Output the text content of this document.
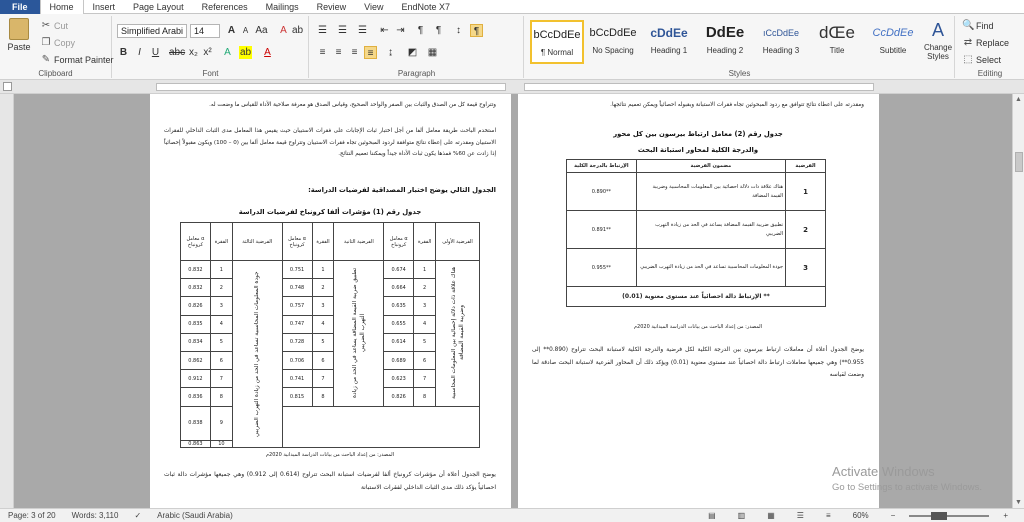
File	Home	Insert	Page Layout	References	Mailings	Review	View	EndNote X7
Paste
✂ Cut
❐ Copy
✎ Format Painter
Clipboard
Simplified Arabi	14	A A Aa	A ab
B	I	U abc x₂ x²	A ab	A
Font
☰ ☰ ☰ ⇤ ⇥	¶	¶	↕	¶
≡	≡	≡	≡	↨	◩ ▦
Paragraph
bCcDdEe
¶ Normal
bCcDdEe
No Spacing
cDdEe
Heading 1
DdEe
Heading 2
ıCcDdEe
Heading 3
dŒe
Title
CcDdEe
Subtitle
A
Change Styles
Styles
🔍 Find
⇄ Replace
⬚ Select
Editing
وتتراوح قيمة كل من الصدق والثبات بين الصفر والواحد الصحيح، وقياس الصدق هو معرفة صلاحية الأداة للقياس ما وضعت له.
استخدم الباحث طريقة معامل ألفا من أجل اختبار ثبات الإجابات على فقرات الاستبيان حيث يقيس هذا المعامل مدى الثبات الداخلي للفقرات الاستبيان ومقدرته على إعطاء نتائج متوافقة لردود المبحوثين تجاه فقرات الاستبيان وتتراوح قيمة معامل ألفا بين (0 – 100) ويكون مقبولاً إحصائياً إذا زادت عن 60% فمذها يكون ثبات الأداة جيداً ويمكننا تعميم النتائج.
الجدول التالي يوضح اختبار المصداقية لفرضيات الدراسة:
جدول رقم (1) مؤشرات ألفا كرونباخ لفرضيات الدراسة
معامل α كرونباخ	الفقرة	الفرضية الثالثة	معامل α كرونباخ	الفقرة	الفرضية الثانية	معامل α كرونباخ	الفقرة	الفرضية الأولى
0.832	1	جودة المعلومات المحاسبية تساعد في الحد من زيادة التهرب الضريبي	0.751	1	تطبيق ضريبة القيمة المضافة يساعد في الحد من زيادة التهرب الضريبي	0.674	1	هناك علاقة ذات دلالة إحصائية بين المعلومات المحاسبية وضريبة القيمة المضافة

0.832	2		0.748	2		0.664	2	
0.826	3		0.757	3		0.635	3	
0.835	4		0.747	4		0.655	4	
0.834	5		0.728	5		0.614	5	
0.862	6		0.706	6		0.689	6	
0.912	7		0.741	7		0.623	7	
0.836	8		0.815	8		0.826	8	
0.838	9							
0.863	10							
المصدر: من إعداد الباحث من بيانات الدراسة الميدانية 2020م
يوضح الجدول أعلاه أن مؤشرات كرونباخ ألفا لفرضيات استبانة البحث تتراوح (0.614 إلى 0.912) وهي جميعها مؤشرات دالة ثبات احصائياً يؤكد ذلك مدى الثبات الداخلي لفقرات الاستبانة
ومقدرته على اعطاء نتائج تتوافق مع ردود المبحوثين تجاه فقرات الاستبانة وبقبوله احصائياً ويمكن تعميم نتائجها.
جدول رقم (2) معامل ارتباط بيرسون بين كل محور
والدرجة الكلية لمحاور استبانة البحث
الإرتباط بالدرجة الكلية	مضمون الفرضية	الفرضية
0.890**	هناك علاقة ذات دلالة احصائية بين المعلومات المحاسبية وضريبة القيمة المضافة	1
0.891**	تطبيق ضريبة القيمة المضافة يساعد في الحد من زيادة التهرب الضريبي	2
0.955**	جودة المعلومات المحاسبية تساعد في الحد من زيادة التهرب الضريبي	3
** الإرتباط دالة احصائياً عند مستوى معنوية (0.01)		
المصدر: من إعداد الباحث من بيانات الدراسة الميدانية 2020م
يوضح الجدول أعلاه أن معاملات ارتباط بيرسون بين الدرجة الكلية لكل فرضية والدرجة الكلية لاستبانة البحث تتراوح (0.890** إلى 0.955**) وهي جميعها معاملات ارتباط دالة احصائياً عند مستوى معنوية (0.01) ويؤكد ذلك أن المحاور الفرعية لاستبانة البحث صادقة لما وضعت لقياسه
▲
▼
Activate Windows
Go to Settings to activate Windows.
Page: 3 of 20	Words: 3,110	✓	Arabic (Saudi Arabia)	▤	▥	▦	☰	≡	60%	−	+
